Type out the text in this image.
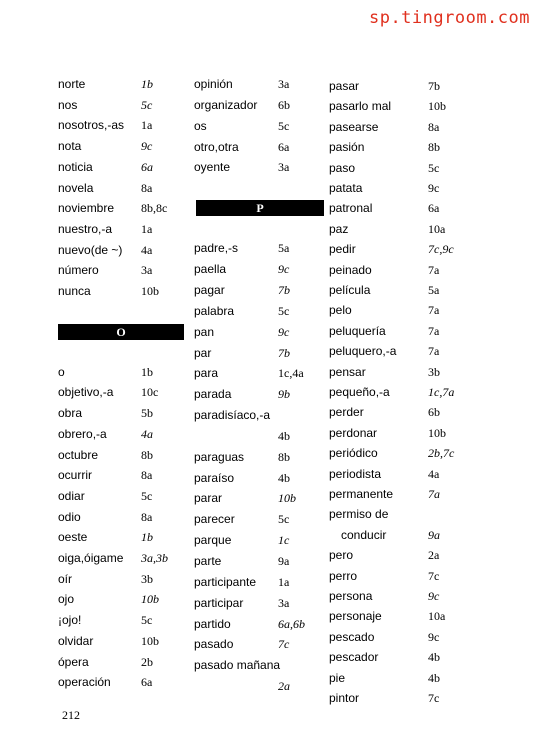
sp.tingroom.com
norte	1b
nos	5c
nosotros,-as 1a
nota	9c
noticia	6a
novela	8a
noviembre 8b,8c
nuestro,-a 1a
nuevo(de ~) 4a
número	3a
nunca	10b
O
o	1b
objetivo,-a 10c
obra	5b
obrero,-a	4a
octubre	8b
ocurrir	8a
odiar	5c
odio	8a
oeste	1b
oiga,óigame 3a,3b
oír	3b
ojo	10b
¡ojo!	5c
olvidar	10b
ópera	2b
operación	6a
opinión	3a
organizador 6b
os	5c
otro,otra	6a
oyente	3a
P
padre,-s	5a
paella	9c
pagar	7b
palabra	5c
pan	9c
par	7b
para	1c,4a
parada	9b
paradisíaco,-a
4b
paraguas	8b
paraíso	4b
parar	10b
parecer	5c
parque	1c
parte	9a
participante 1a
participar	3a
partido	6a,6b
pasado	7c
pasado mañana
2a
pasar	7b
pasarlo mal	10b
pasearse	8a
pasión	8b
paso	5c
patata	9c
patronal	6a
paz	10a
pedir	7c,9c
peinado	7a
película	5a
pelo	7a
peluquería	7a
peluquero,-a	7a
pensar	3b
pequeño,-a	1c,7a
perder	6b
perdonar	10b
periódico	2b,7c
periodista	4a
permanente	7a
permiso de
conducir	9a
pero	2a
perro	7c
persona	9c
personaje	10a
pescado	9c
pescador	4b
pie	4b
pintor	7c
212
